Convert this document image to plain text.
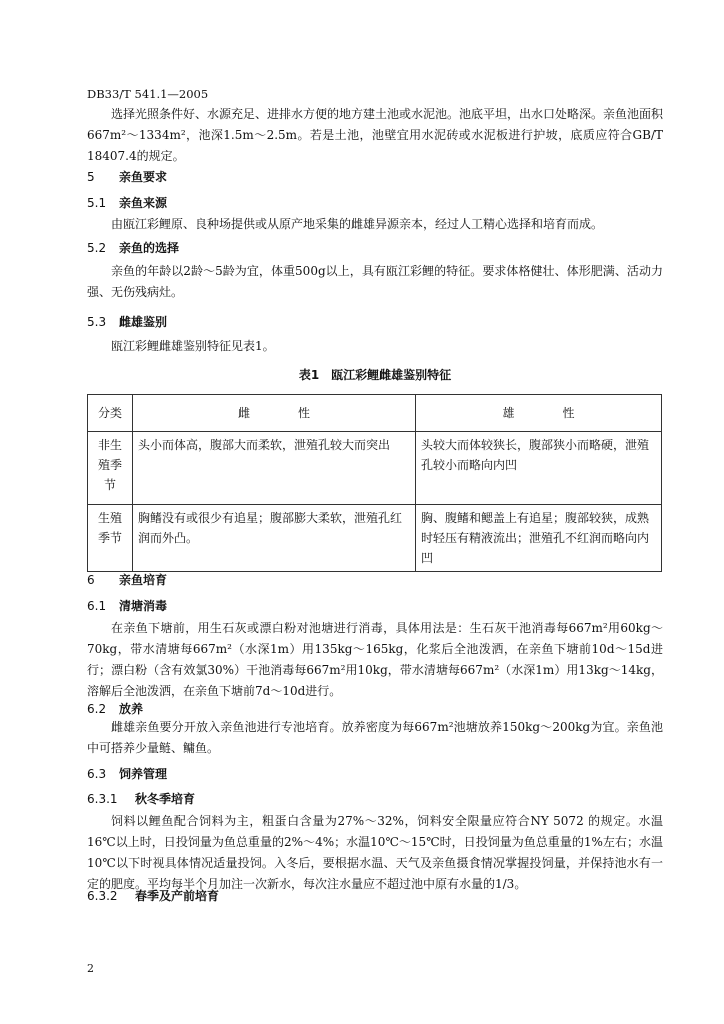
DB33/T 541.1—2005
选择光照条件好、水源充足、进排水方便的地方建土池或水泥池。池底平坦，出水口处略深。亲鱼池面积667m²～1334m²，池深1.5m～2.5m。若是土池，池壁宜用水泥砖或水泥板进行护坡，底质应符合GB/T 18407.4的规定。
5 亲鱼要求
5.1 亲鱼来源
由瓯江彩鲤原、良种场提供或从原产地采集的雌雄异源亲本，经过人工精心选择和培育而成。
5.2 亲鱼的选择
亲鱼的年龄以2龄～5龄为宜，体重500g以上，具有瓯江彩鲤的特征。要求体格健壮、体形肥满、活动力强、无伤残病灶。
5.3 雌雄鉴别
瓯江彩鲤雌雄鉴别特征见表1。
表1　瓯江彩鲤雌雄鉴别特征
分类	雌　　　　性	雄　　　　性
非生殖季节	头小而体高，腹部大而柔软，泄殖孔较大而突出	头较大而体较狭长，腹部狭小而略硬，泄殖孔较小而略向内凹
生殖季节	胸鳍没有或很少有追星；腹部膨大柔软，泄殖孔红润而外凸。	胸、腹鳍和鳃盖上有追星；腹部较狭，成熟时轻压有精液流出；泄殖孔不红润而略向内凹
6 亲鱼培育
6.1 清塘消毒
在亲鱼下塘前，用生石灰或漂白粉对池塘进行消毒，具体用法是：生石灰干池消毒每667m²用60kg～70kg，带水清塘每667m²（水深1m）用135kg～165kg，化浆后全池泼洒，在亲鱼下塘前10d～15d进行；漂白粉（含有效氯30%）干池消毒每667m²用10kg，带水清塘每667m²（水深1m）用13kg～14kg，溶解后全池泼洒，在亲鱼下塘前7d～10d进行。
6.2 放养
雌雄亲鱼要分开放入亲鱼池进行专池培育。放养密度为每667m²池塘放养150kg～200kg为宜。亲鱼池中可搭养少量鲢、鳙鱼。
6.3 饲养管理
6.3.1 秋冬季培育
饲料以鲤鱼配合饲料为主，粗蛋白含量为27%～32%，饲料安全限量应符合NY 5072 的规定。水温16℃以上时，日投饲量为鱼总重量的2%～4%；水温10℃～15℃时，日投饲量为鱼总重量的1%左右；水温10℃以下时视具体情况适量投饲。入冬后，要根据水温、天气及亲鱼摄食情况掌握投饲量，并保持池水有一定的肥度。平均每半个月加注一次新水，每次注水量应不超过池中原有水量的1/3。
6.3.2 春季及产前培育
2
